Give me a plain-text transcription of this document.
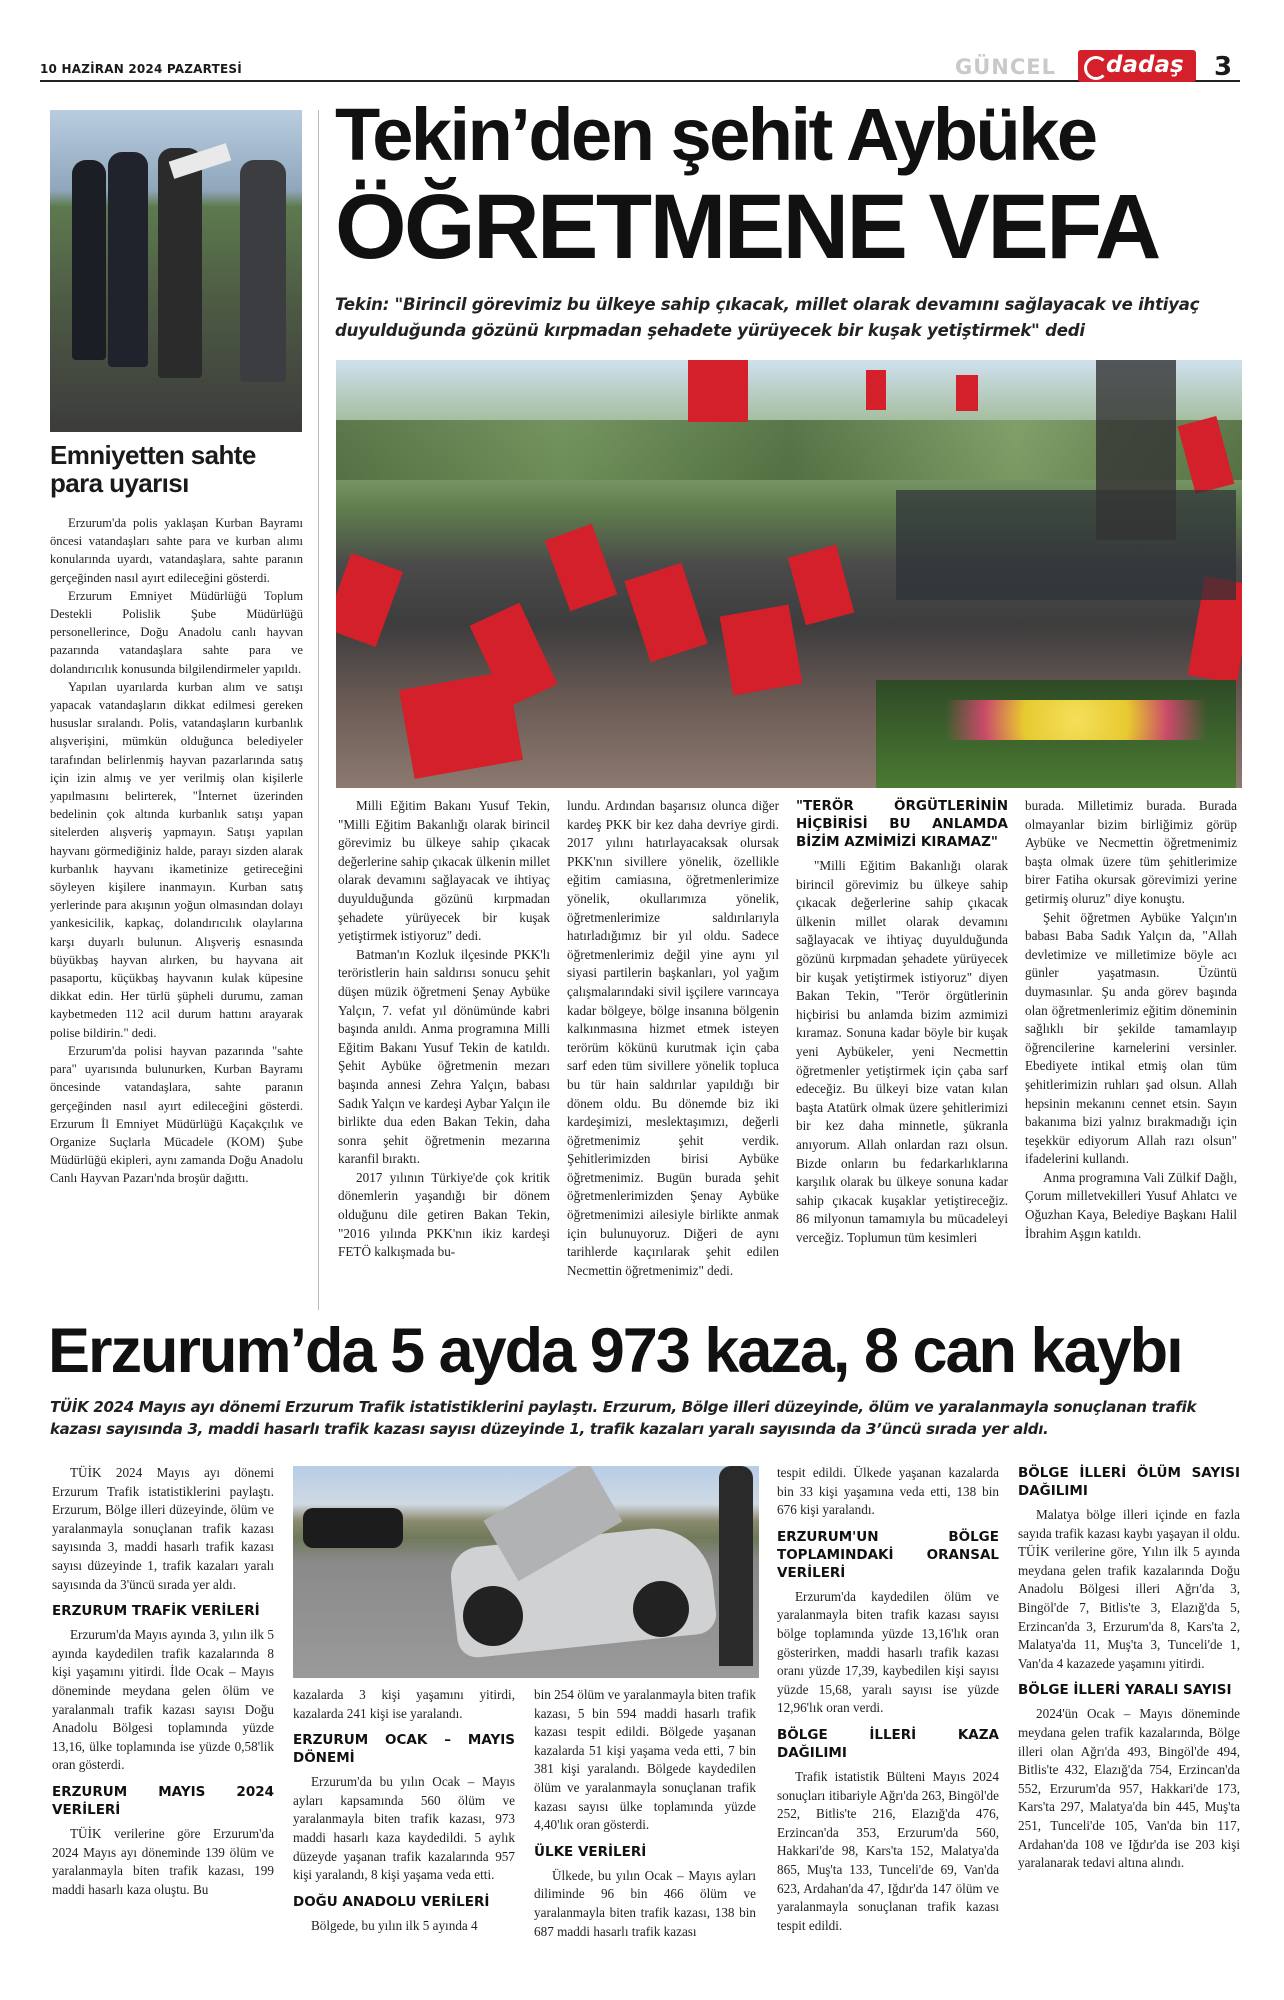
10 HAZİRAN 2024 PAZARTESİ	GÜNCEL dadaş 3
Emniyetten sahte para uyarısı

Erzurum'da polis yaklaşan Kurban Bayramı öncesi vatandaşları sahte para ve kurban alımı konularında uyardı, vatandaşlara, sahte paranın gerçeğinden nasıl ayırt edileceğini gösterdi.

Erzurum Emniyet Müdürlüğü Toplum Destekli Polislik Şube Müdürlüğü personellerince, Doğu Anadolu canlı hayvan pazarında vatandaşlara sahte para ve dolandırıcılık konusunda bilgilendirmeler yapıldı.

Yapılan uyarılarda kurban alım ve satışı yapacak vatandaşların dikkat edilmesi gereken hususlar sıralandı. Polis, vatandaşların kurbanlık alışverişini, mümkün olduğunca belediyeler tarafından belirlenmiş hayvan pazarlarında satış için izin almış ve yer verilmiş olan kişilerle yapılmasını belirterek, "İnternet üzerinden bedelinin çok altında kurbanlık satışı yapan sitelerden alışveriş yapmayın. Satışı yapılan hayvanı görmediğiniz halde, parayı sizden alarak kurbanlık hayvanı ikametinize getireceğini söyleyen kişilere inanmayın. Kurban satış yerlerinde para akışının yoğun olmasından dolayı yankesicilik, kapkaç, dolandırıcılık olaylarına karşı duyarlı bulunun. Alışveriş esnasında büyükbaş hayvan alırken, bu hayvana ait pasaportu, küçükbaş hayvanın kulak küpesine dikkat edin. Her türlü şüpheli durumu, zaman kaybetmeden 112 acil durum hattını arayarak polise bildirin." dedi.

Erzurum'da polisi hayvan pazarında "sahte para" uyarısında bulunurken, Kurban Bayramı öncesinde vatandaşlara, sahte paranın gerçeğinden nasıl ayırt edileceğini gösterdi. Erzurum İl Emniyet Müdürlüğü Kaçakçılık ve Organize Suçlarla Mücadele (KOM) Şube Müdürlüğü ekipleri, aynı zamanda Doğu Anadolu Canlı Hayvan Pazarı'nda broşür dağıttı.

Tekin’den şehit Aybüke
ÖĞRETMENE VEFA
Tekin: "Birincil görevimiz bu ülkeye sahip çıkacak, millet olarak devamını sağlayacak ve ihtiyaç duyulduğunda gözünü kırpmadan şehadete yürüyecek bir kuşak yetiştirmek" dedi

Milli Eğitim Bakanı Yusuf Tekin, "Milli Eğitim Bakanlığı olarak birincil görevimiz bu ülkeye sahip çıkacak değerlerine sahip çıkacak ülkenin millet olarak devamını sağlayacak ve ihtiyaç duyulduğunda gözünü kırpmadan şehadete yürüyecek bir kuşak yetiştirmek istiyoruz" dedi.

Batman'ın Kozluk ilçesinde PKK'lı teröristlerin hain saldırısı sonucu şehit düşen müzik öğretmeni Şenay Aybüke Yalçın, 7. vefat yıl dönümünde kabri başında anıldı. Anma programına Milli Eğitim Bakanı Yusuf Tekin de katıldı. Şehit Aybüke öğretmenin mezarı başında annesi Zehra Yalçın, babası Sadık Yalçın ve kardeşi Aybar Yalçın ile birlikte dua eden Bakan Tekin, daha sonra şehit öğretmenin mezarına karanfil bıraktı.

2017 yılının Türkiye'de çok kritik dönemlerin yaşandığı bir dönem olduğunu dile getiren Bakan Tekin, "2016 yılında PKK'nın ikiz kardeşi FETÖ kalkışmada bu-

lundu. Ardından başarısız olunca diğer kardeş PKK bir kez daha devriye girdi. 2017 yılını hatırlayacaksak olursak PKK'nın sivillere yönelik, özellikle eğitim camiasına, öğretmenlerimize yönelik, okullarımıza yönelik, öğretmenlerimize saldırılarıyla hatırladığımız bir yıl oldu. Sadece öğretmenlerimiz değil yine aynı yıl siyasi partilerin başkanları, yol yağım çalışmalarındaki sivil işçilere varıncaya kadar bölgeye, bölge insanına bölgenin kalkınmasına hizmet etmek isteyen terörüm kökünü kurutmak için çaba sarf eden tüm sivillere yönelik topluca bu tür hain saldırılar yapıldığı bir dönem oldu. Bu dönemde biz iki kardeşimizi, meslektaşımızı, değerli öğretmenimiz şehit verdik. Şehitlerimizden birisi Aybüke öğretmenimiz. Bugün burada şehit öğretmenlerimizden Şenay Aybüke öğretmenimizi ailesiyle birlikte anmak için bulunuyoruz. Diğeri de aynı tarihlerde kaçırılarak şehit edilen Necmettin öğretmenimiz" dedi.

"TERÖR ÖRGÜTLERİNİN HİÇBİRİSİ BU ANLAMDA BİZİM AZMİMİZİ KIRAMAZ"

"Milli Eğitim Bakanlığı olarak birincil görevimiz bu ülkeye sahip çıkacak değerlerine sahip çıkacak ülkenin millet olarak devamını sağlayacak ve ihtiyaç duyulduğunda gözünü kırpmadan şehadete yürüyecek bir kuşak yetiştirmek istiyoruz" diyen Bakan Tekin, "Terör örgütlerinin hiçbirisi bu anlamda bizim azmimizi kıramaz. Sonuna kadar böyle bir kuşak yeni Aybükeler, yeni Necmettin öğretmenler yetiştirmek için çaba sarf edeceğiz. Bu ülkeyi bize vatan kılan başta Atatürk olmak üzere şehitlerimizi bir kez daha minnetle, şükranla anıyorum. Allah onlardan razı olsun. Bizde onların bu fedarkarlıklarına karşılık olarak bu ülkeye sonuna kadar sahip çıkacak kuşaklar yetiştireceğiz. 86 milyonun tamamıyla bu mücadeleyi verceğiz. Toplumun tüm kesimleri

burada. Milletimiz burada. Burada olmayanlar bizim birliğimiz görüp Aybüke ve Necmettin öğretmenimiz başta olmak üzere tüm şehitlerimize birer Fatiha okursak görevimizi yerine getirmiş oluruz" diye konuştu.

Şehit öğretmen Aybüke Yalçın'ın babası Baba Sadık Yalçın da, "Allah devletimize ve milletimize böyle acı günler yaşatmasın. Üzüntü duymasınlar. Şu anda görev başında olan öğretmenlerimiz eğitim döneminin sağlıklı bir şekilde tamamlayıp öğrencilerine karnelerini versinler. Ebediyete intikal etmiş olan tüm şehitlerimizin ruhları şad olsun. Allah hepsinin mekanını cennet etsin. Sayın bakanıma bizi yalnız bırakmadığı için teşekkür ediyorum Allah razı olsun" ifadelerini kullandı.

Anma programına Vali Zülkif Dağlı, Çorum milletvekilleri Yusuf Ahlatcı ve Oğuzhan Kaya, Belediye Başkanı Halil İbrahim Aşgın katıldı.

Erzurum’da 5 ayda 973 kaza, 8 can kaybı
TÜİK 2024 Mayıs ayı dönemi Erzurum Trafik istatistiklerini paylaştı. Erzurum, Bölge illeri düzeyinde, ölüm ve yaralanmayla sonuçlanan trafik kazası sayısında 3, maddi hasarlı trafik kazası sayısı düzeyinde 1, trafik kazaları yaralı sayısında da 3’üncü sırada yer aldı.

TÜİK 2024 Mayıs ayı dönemi Erzurum Trafik istatistiklerini paylaştı. Erzurum, Bölge illeri düzeyinde, ölüm ve yaralanmayla sonuçlanan trafik kazası sayısında 3, maddi hasarlı trafik kazası sayısı düzeyinde 1, trafik kazaları yaralı sayısında da 3'üncü sırada yer aldı.

ERZURUM TRAFİK VERİLERİ

Erzurum'da Mayıs ayında 3, yılın ilk 5 ayında kaydedilen trafik kazalarında 8 kişi yaşamını yitirdi. İlde Ocak – Mayıs döneminde meydana gelen ölüm ve yaralanmalı trafik kazası sayısı Doğu Anadolu Bölgesi toplamında yüzde 13,16, ülke toplamında ise yüzde 0,58'lik oran gösterdi.

ERZURUM MAYIS 2024 VERİLERİ

TÜİK verilerine göre Erzurum'da 2024 Mayıs ayı döneminde 139 ölüm ve yaralanmayla biten trafik kazası, 199 maddi hasarlı kaza oluştu. Bu

kazalarda 3 kişi yaşamını yitirdi, kazalarda 241 kişi ise yaralandı.

ERZURUM OCAK – MAYIS DÖNEMİ

Erzurum'da bu yılın Ocak – Mayıs ayları kapsamında 560 ölüm ve yaralanmayla biten trafik kazası, 973 maddi hasarlı kaza kaydedildi. 5 aylık düzeyde yaşanan trafik kazalarında 957 kişi yaralandı, 8 kişi yaşama veda etti.

DOĞU ANADOLU VERİLERİ

Bölgede, bu yılın ilk 5 ayında 4

bin 254 ölüm ve yaralanmayla biten trafik kazası, 5 bin 594 maddi hasarlı trafik kazası tespit edildi. Bölgede yaşanan kazalarda 51 kişi yaşama veda etti, 7 bin 381 kişi yaralandı. Bölgede kaydedilen ölüm ve yaralanmayla sonuçlanan trafik kazası sayısı ülke toplamında yüzde 4,40'lık oran gösterdi.

ÜLKE VERİLERİ

Ülkede, bu yılın Ocak – Mayıs ayları diliminde 96 bin 466 ölüm ve yaralanmayla biten trafik kazası, 138 bin 687 maddi hasarlı trafik kazası

tespit edildi. Ülkede yaşanan kazalarda bin 33 kişi yaşamına veda etti, 138 bin 676 kişi yaralandı.

ERZURUM'UN BÖLGE TOPLAMINDAKİ ORANSAL VERİLERİ

Erzurum'da kaydedilen ölüm ve yaralanmayla biten trafik kazası sayısı bölge toplamında yüzde 13,16'lık oran gösterirken, maddi hasarlı trafik kazası oranı yüzde 17,39, kaybedilen kişi sayısı yüzde 15,68, yaralı sayısı ise yüzde 12,96'lık oran verdi.

BÖLGE İLLERİ KAZA DAĞILIMI

Trafik istatistik Bülteni Mayıs 2024 sonuçları itibariyle Ağrı'da 263, Bingöl'de 252, Bitlis'te 216, Elazığ'da 476, Erzincan'da 353, Erzurum'da 560, Hakkari'de 98, Kars'ta 152, Malatya'da 865, Muş'ta 133, Tunceli'de 69, Van'da 623, Ardahan'da 47, Iğdır'da 147 ölüm ve yaralanmayla sonuçlanan trafik kazası tespit edildi.

BÖLGE İLLERİ ÖLÜM SAYISI DAĞILIMI

Malatya bölge illeri içinde en fazla sayıda trafik kazası kaybı yaşayan il oldu. TÜİK verilerine göre, Yılın ilk 5 ayında meydana gelen trafik kazalarında Doğu Anadolu Bölgesi illeri Ağrı'da 3, Bingöl'de 7, Bitlis'te 3, Elazığ'da 5, Erzincan'da 3, Erzurum'da 8, Kars'ta 2, Malatya'da 11, Muş'ta 3, Tunceli'de 1, Van'da 4 kazazede yaşamını yitirdi.

BÖLGE İLLERİ YARALI SAYISI

2024'ün Ocak – Mayıs döneminde meydana gelen trafik kazalarında, Bölge illeri olan Ağrı'da 493, Bingöl'de 494, Bitlis'te 432, Elazığ'da 754, Erzincan'da 552, Erzurum'da 957, Hakkari'de 173, Kars'ta 297, Malatya'da bin 445, Muş'ta 251, Tunceli'de 105, Van'da bin 117, Ardahan'da 108 ve Iğdır'da ise 203 kişi yaralanarak tedavi altına alındı.
